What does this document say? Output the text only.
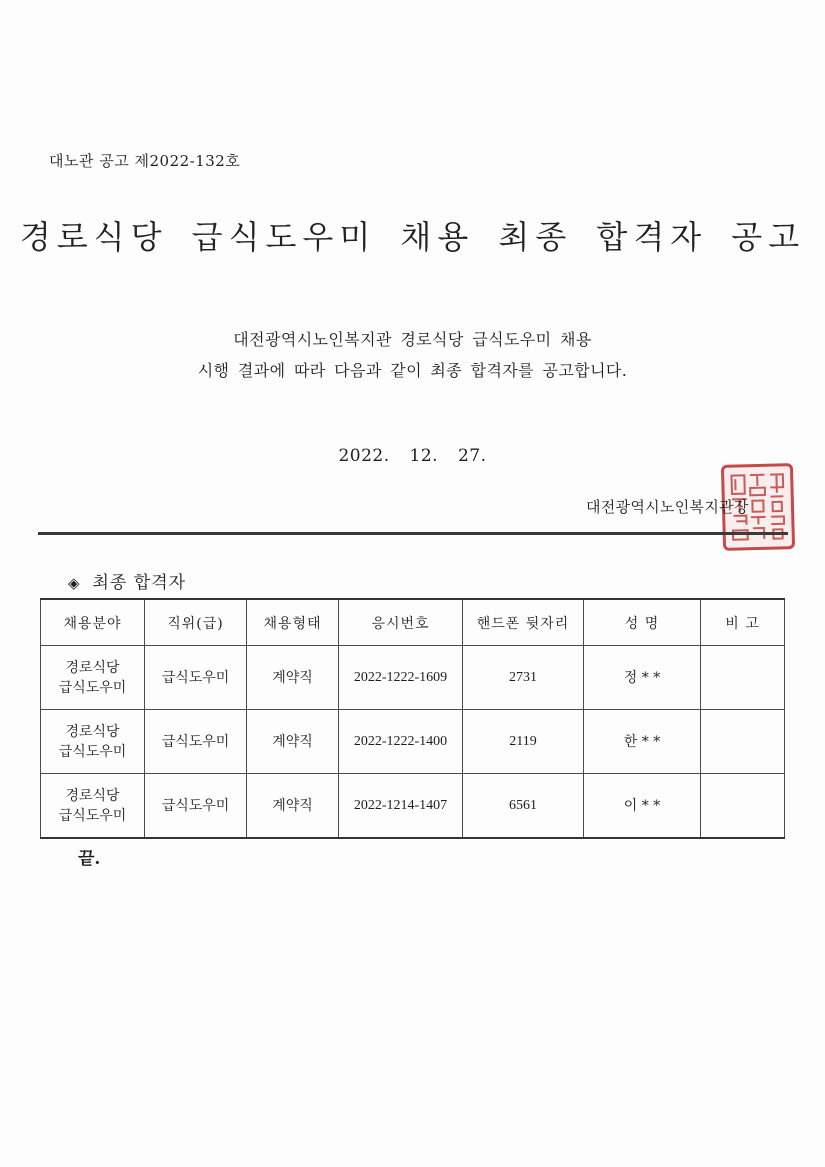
대노관 공고 제2022-132호
경로식당 급식도우미 채용 최종 합격자 공고
대전광역시노인복지관 경로식당 급식도우미 채용
시행 결과에 따라 다음과 같이 최종 합격자를 공고합니다.
2022. 12. 27.
대전광역시노인복지관장
◈ 최종 합격자
채용분야	직위(급)	채용형태	응시번호	핸드폰 뒷자리	성 명	비 고

경로식당
급식도우미	급식도우미	계약직	2022-1222-1609	2731	정 * *	

경로식당
급식도우미	급식도우미	계약직	2022-1222-1400	2119	한 * *	

경로식당
급식도우미	급식도우미	계약직	2022-1214-1407	6561	이 * *	
끝.
